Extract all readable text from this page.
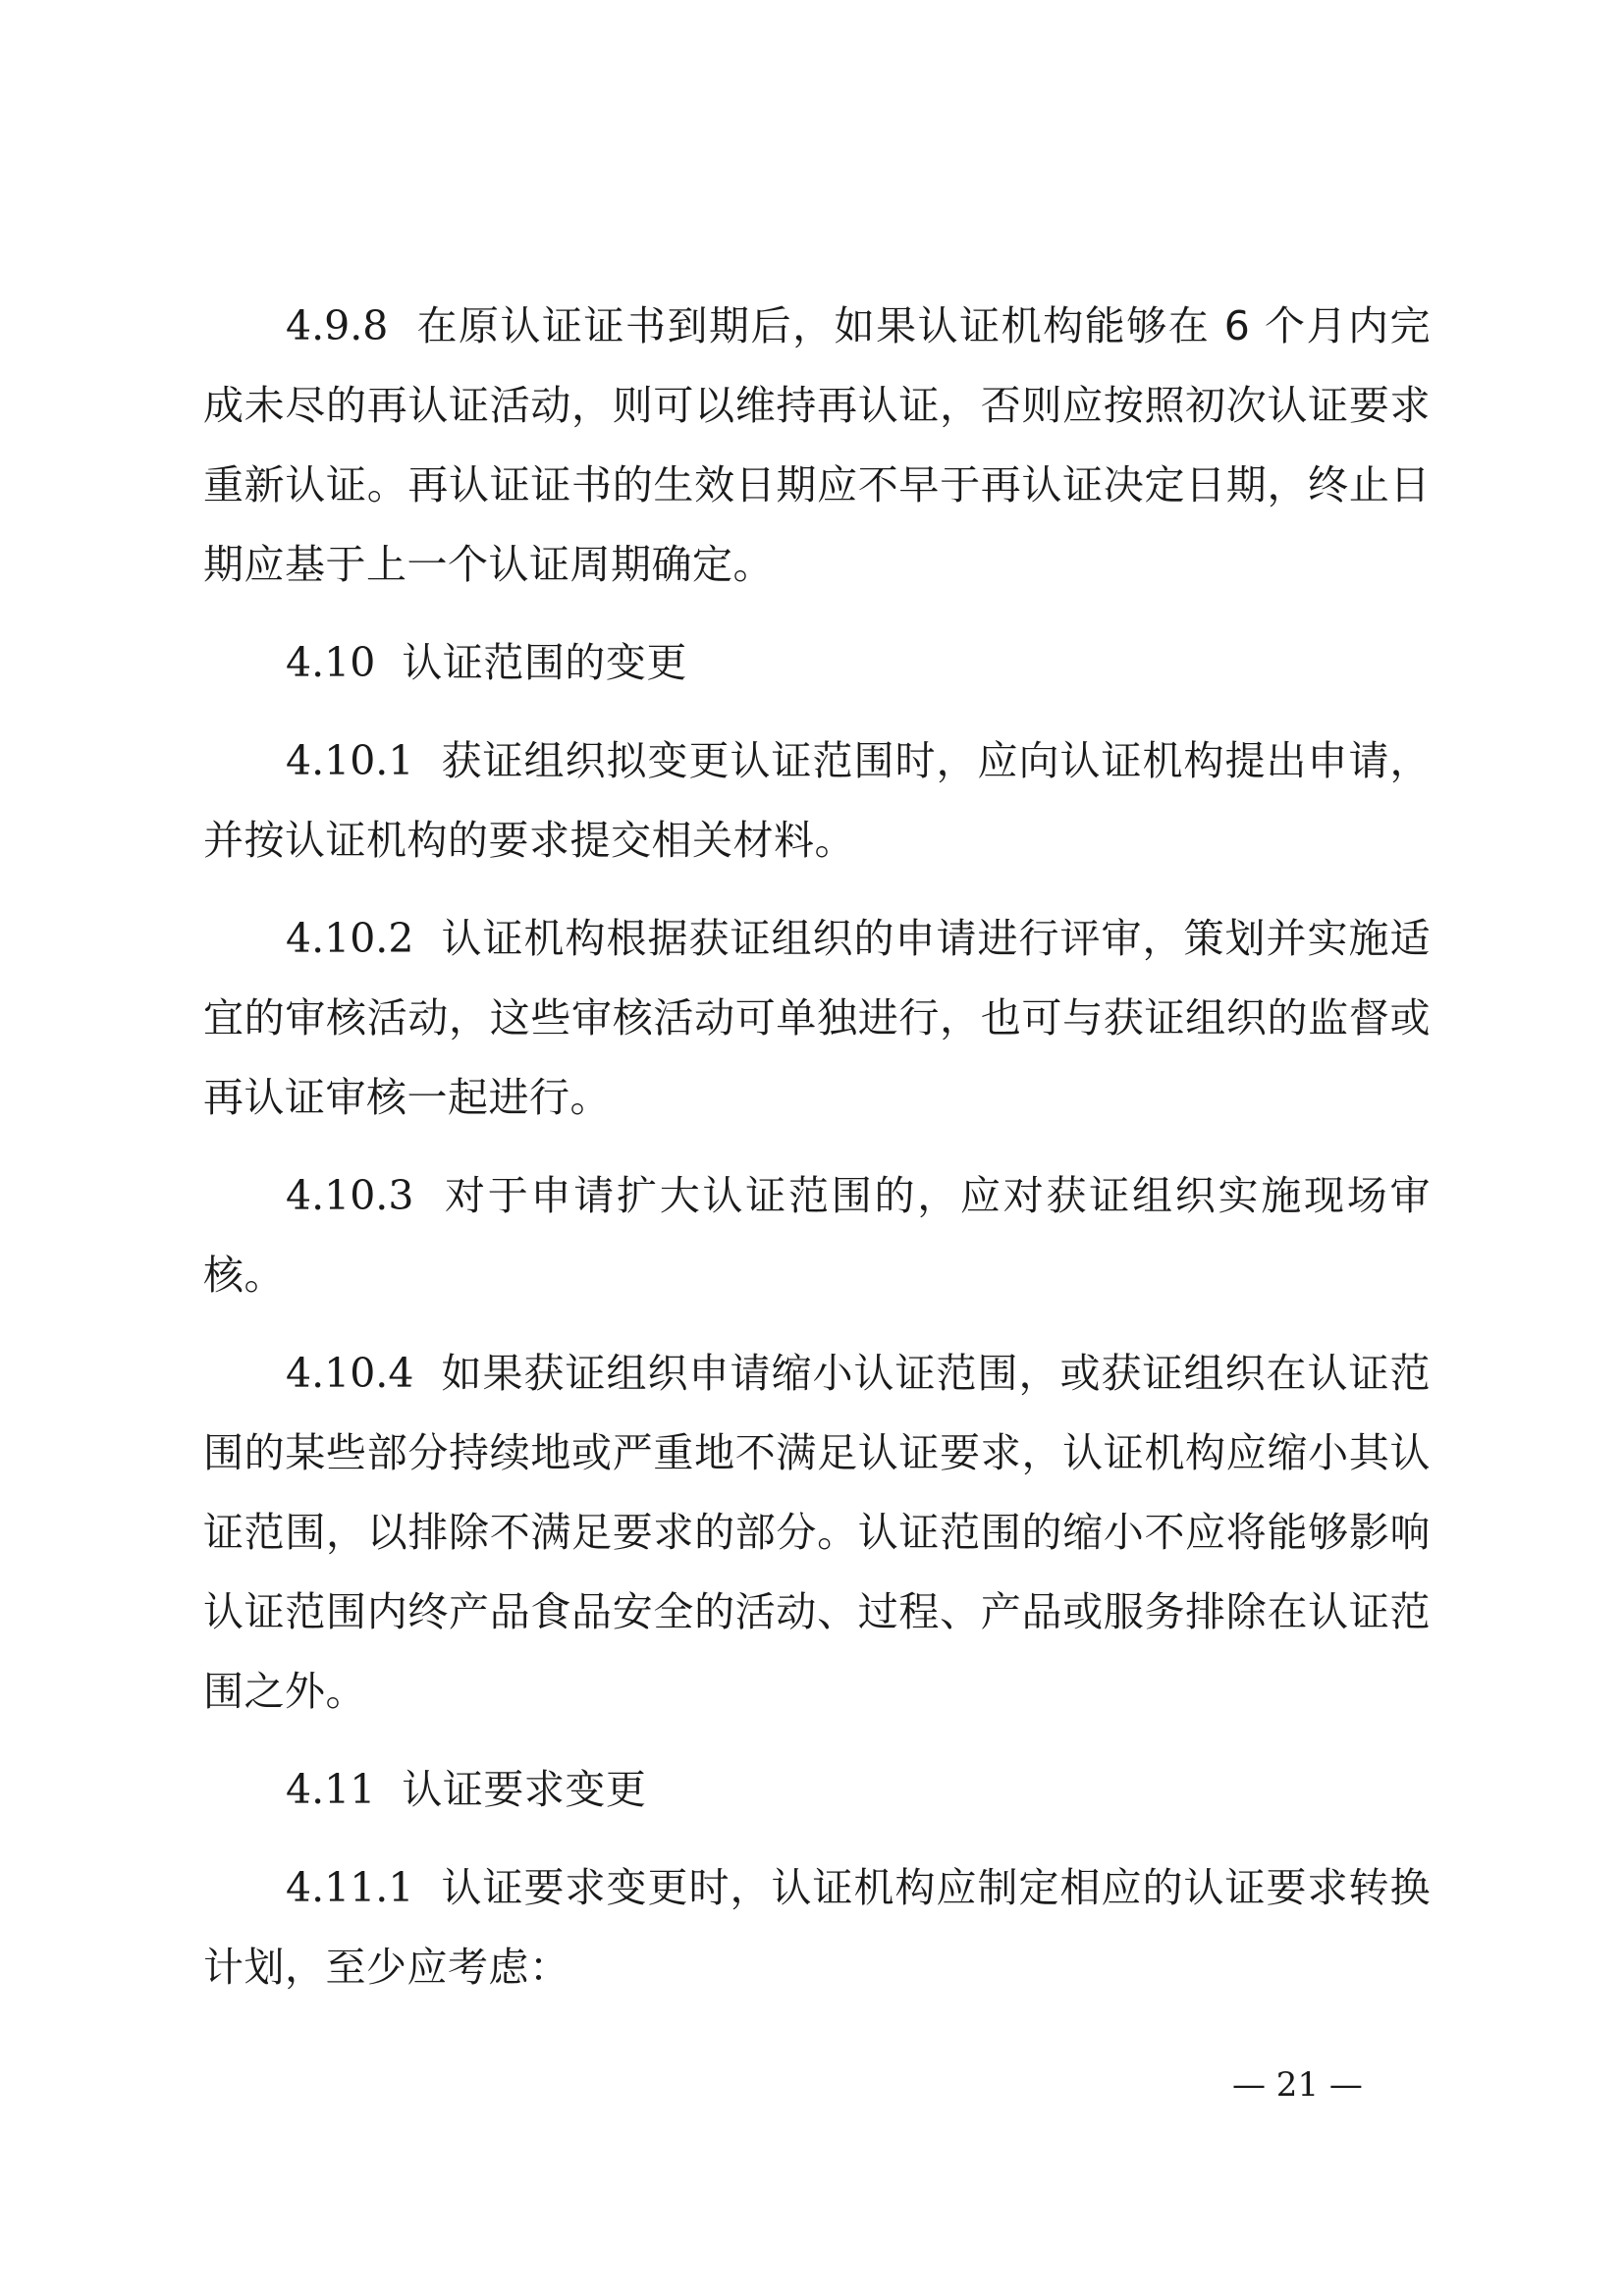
4.9.8 在原认证证书到期后，如果认证机构能够在 6 个月内完成未尽的再认证活动，则可以维持再认证，否则应按照初次认证要求重新认证。再认证证书的生效日期应不早于再认证决定日期，终止日期应基于上一个认证周期确定。

4.10 认证范围的变更

4.10.1 获证组织拟变更认证范围时，应向认证机构提出申请，并按认证机构的要求提交相关材料。

4.10.2 认证机构根据获证组织的申请进行评审，策划并实施适宜的审核活动，这些审核活动可单独进行，也可与获证组织的监督或再认证审核一起进行。

4.10.3 对于申请扩大认证范围的，应对获证组织实施现场审核。

4.10.4 如果获证组织申请缩小认证范围，或获证组织在认证范围的某些部分持续地或严重地不满足认证要求，认证机构应缩小其认证范围，以排除不满足要求的部分。认证范围的缩小不应将能够影响认证范围内终产品食品安全的活动、过程、产品或服务排除在认证范围之外。

4.11 认证要求变更

4.11.1 认证要求变更时，认证机构应制定相应的认证要求转换计划，至少应考虑：

— 21 —
